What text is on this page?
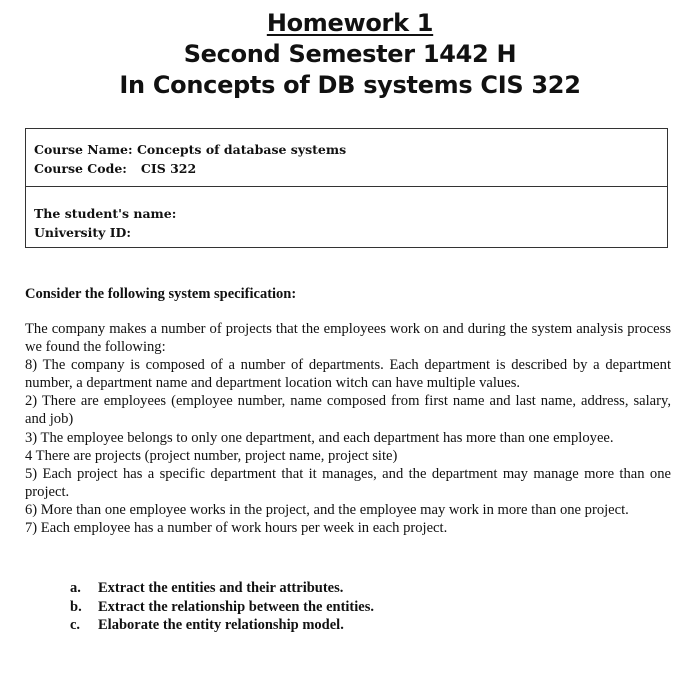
Homework 1
Second Semester 1442 H
In Concepts of DB systems CIS 322
Course Name: Concepts of database systems
Course Code: CIS 322
The student's name:
University ID:
Consider the following system specification:

The company makes a number of projects that the employees work on and during the system analysis process we found the following:

8) The company is composed of a number of departments. Each department is described by a department number, a department name and department location witch can have multiple values.

2) There are employees (employee number, name composed from first name and last name, address, salary, and job)

3) The employee belongs to only one department, and each department has more than one employee.

4 There are projects (project number, project name, project site)

5) Each project has a specific department that it manages, and the department may manage more than one project.

6) More than one employee works in the project, and the employee may work in more than one project.

7) Each employee has a number of work hours per week in each project.

a. Extract the entities and their attributes.
b. Extract the relationship between the entities.
c. Elaborate the entity relationship model.
